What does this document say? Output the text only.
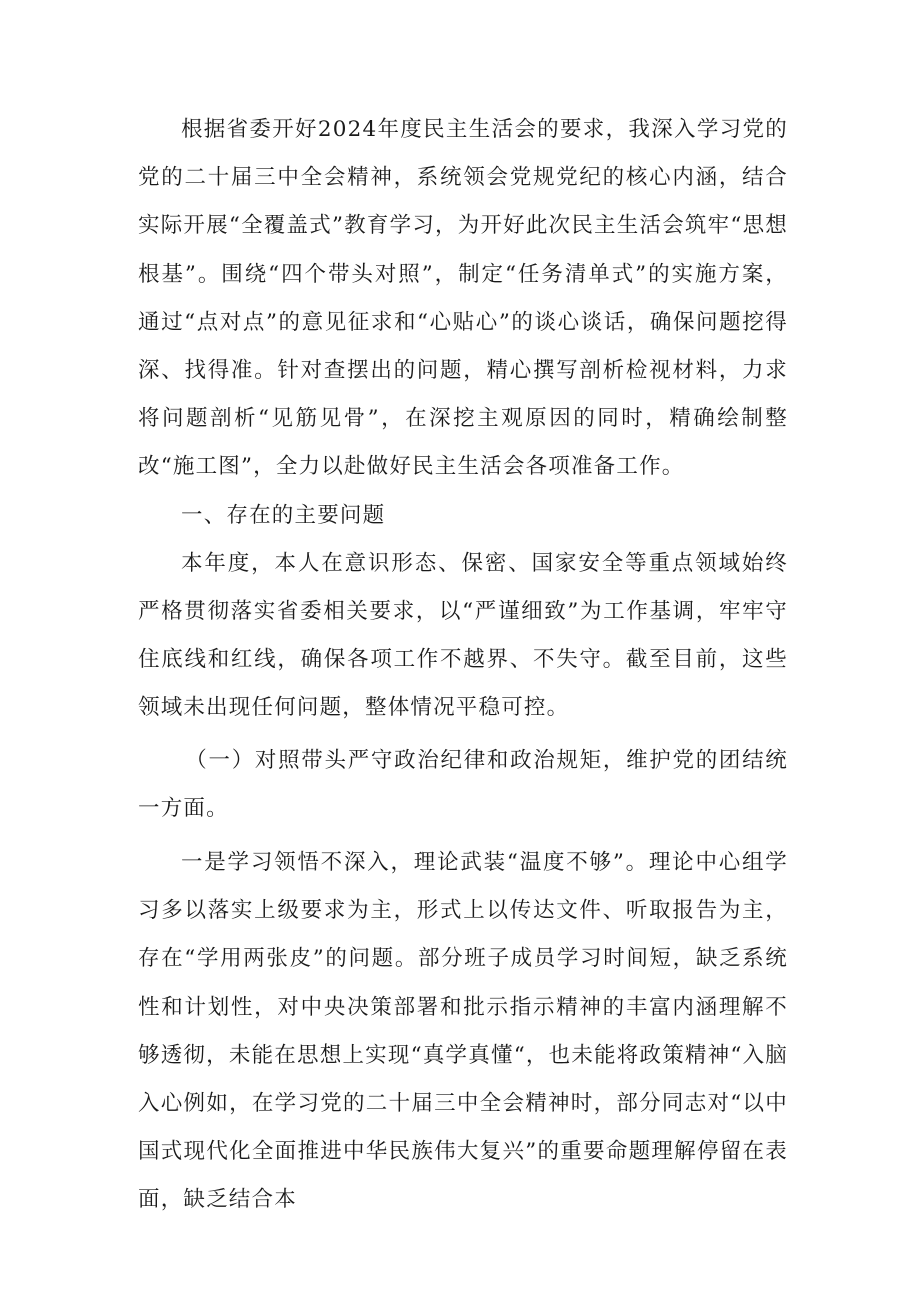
根据省委开好2024年度民主生活会的要求，我深入学习党的党的二十届三中全会精神，系统领会党规党纪的核心内涵，结合实际开展“全覆盖式”教育学习，为开好此次民主生活会筑牢“思想根基”。围绕“四个带头对照”，制定“任务清单式”的实施方案，通过“点对点”的意见征求和“心贴心”的谈心谈话，确保问题挖得深、找得准。针对查摆出的问题，精心撰写剖析检视材料，力求将问题剖析“见筋见骨”，在深挖主观原因的同时，精确绘制整改“施工图”，全力以赴做好民主生活会各项准备工作。

一、存在的主要问题

本年度，本人在意识形态、保密、国家安全等重点领域始终严格贯彻落实省委相关要求，以“严谨细致”为工作基调，牢牢守住底线和红线，确保各项工作不越界、不失守。截至目前，这些领域未出现任何问题，整体情况平稳可控。

（一）对照带头严守政治纪律和政治规矩，维护党的团结统一方面。

一是学习领悟不深入，理论武装“温度不够”。理论中心组学习多以落实上级要求为主，形式上以传达文件、听取报告为主，存在“学用两张皮”的问题。部分班子成员学习时间短，缺乏系统性和计划性，对中央决策部署和批示指示精神的丰富内涵理解不够透彻，未能在思想上实现“真学真懂“，也未能将政策精神“入脑入心例如，在学习党的二十届三中全会精神时，部分同志对“以中国式现代化全面推进中华民族伟大复兴”的重要命题理解停留在表面，缺乏结合本
